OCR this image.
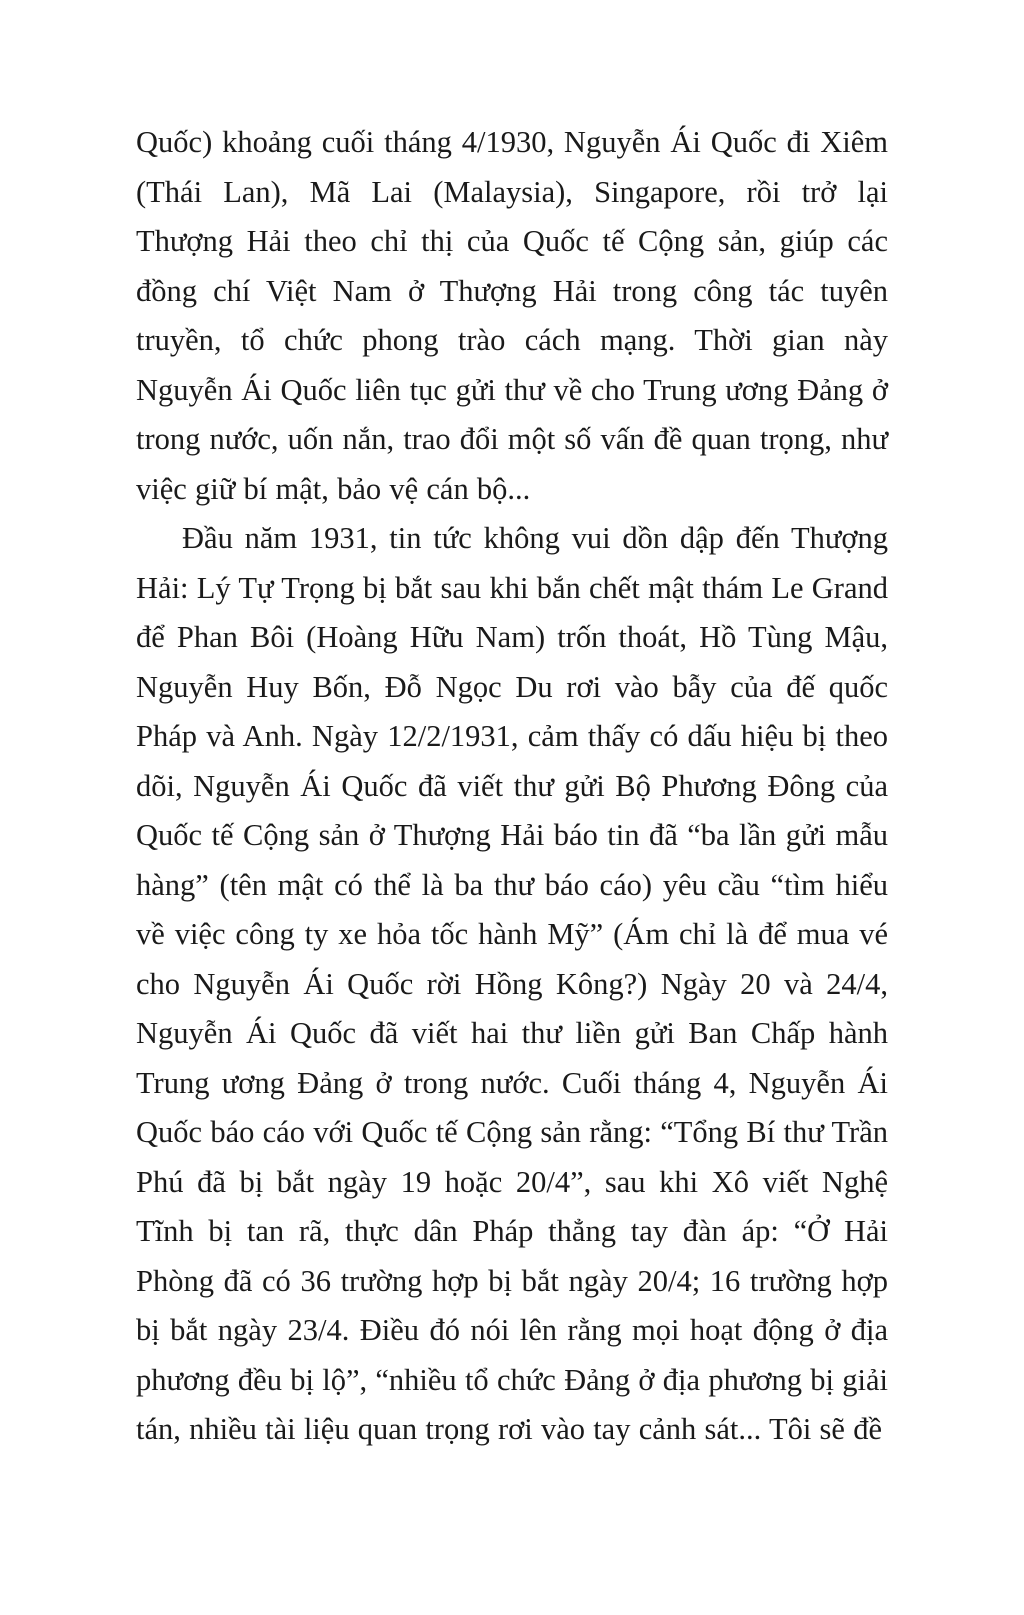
Quốc) khoảng cuối tháng 4/1930, Nguyễn Ái Quốc đi Xiêm (Thái Lan), Mã Lai (Malaysia), Singapore, rồi trở lại Thượng Hải theo chỉ thị của Quốc tế Cộng sản, giúp các đồng chí Việt Nam ở Thượng Hải trong công tác tuyên truyền, tổ chức phong trào cách mạng. Thời gian này Nguyễn Ái Quốc liên tục gửi thư về cho Trung ương Đảng ở trong nước, uốn nắn, trao đổi một số vấn đề quan trọng, như việc giữ bí mật, bảo vệ cán bộ...

Đầu năm 1931, tin tức không vui dồn dập đến Thượng Hải: Lý Tự Trọng bị bắt sau khi bắn chết mật thám Le Grand để Phan Bôi (Hoàng Hữu Nam) trốn thoát, Hồ Tùng Mậu, Nguyễn Huy Bốn, Đỗ Ngọc Du rơi vào bẫy của đế quốc Pháp và Anh. Ngày 12/2/1931, cảm thấy có dấu hiệu bị theo dõi, Nguyễn Ái Quốc đã viết thư gửi Bộ Phương Đông của Quốc tế Cộng sản ở Thượng Hải báo tin đã “ba lần gửi mẫu hàng” (tên mật có thể là ba thư báo cáo) yêu cầu “tìm hiểu về việc công ty xe hỏa tốc hành Mỹ” (Ám chỉ là để mua vé cho Nguyễn Ái Quốc rời Hồng Kông?) Ngày 20 và 24/4, Nguyễn Ái Quốc đã viết hai thư liền gửi Ban Chấp hành Trung ương Đảng ở trong nước. Cuối tháng 4, Nguyễn Ái Quốc báo cáo với Quốc tế Cộng sản rằng: “Tổng Bí thư Trần Phú đã bị bắt ngày 19 hoặc 20/4”, sau khi Xô viết Nghệ Tĩnh bị tan rã, thực dân Pháp thẳng tay đàn áp: “Ở Hải Phòng đã có 36 trường hợp bị bắt ngày 20/4; 16 trường hợp bị bắt ngày 23/4. Điều đó nói lên rằng mọi hoạt động ở địa phương đều bị lộ”, “nhiều tổ chức Đảng ở địa phương bị giải tán, nhiều tài liệu quan trọng rơi vào tay cảnh sát... Tôi sẽ đề
